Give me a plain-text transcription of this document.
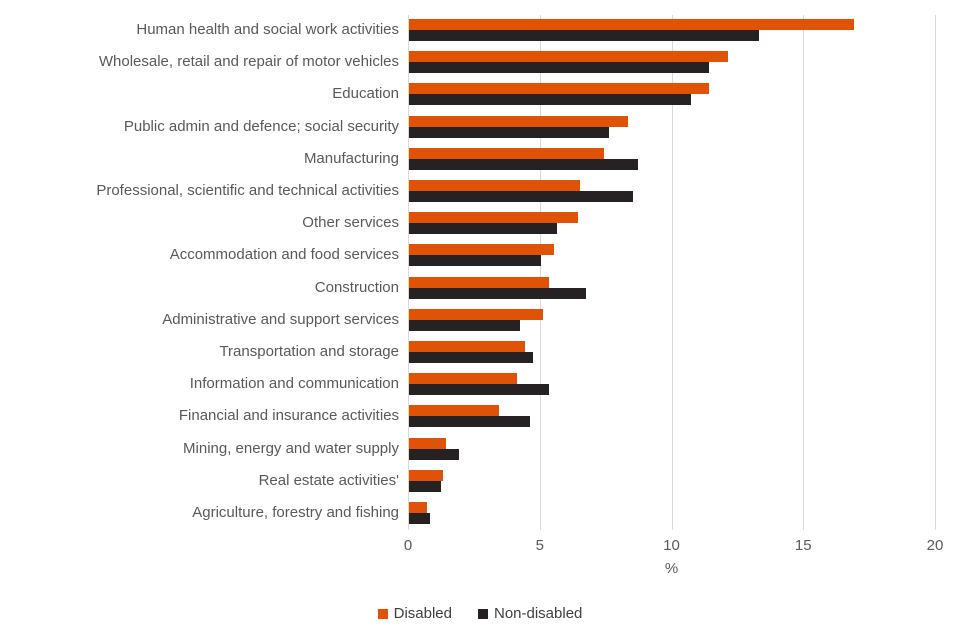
Human health and social work activities
Wholesale, retail and repair of motor vehicles
Education
Public admin and defence; social security
Manufacturing
Professional, scientific and technical activities
Other services
Accommodation and food services
Construction
Administrative and support services
Transportation and storage
Information and communication
Financial and insurance activities
Mining, energy and water supply
Real estate activities'
Agriculture, forestry and fishing
0	5	10	15	20
%
Disabled	Non-disabled
